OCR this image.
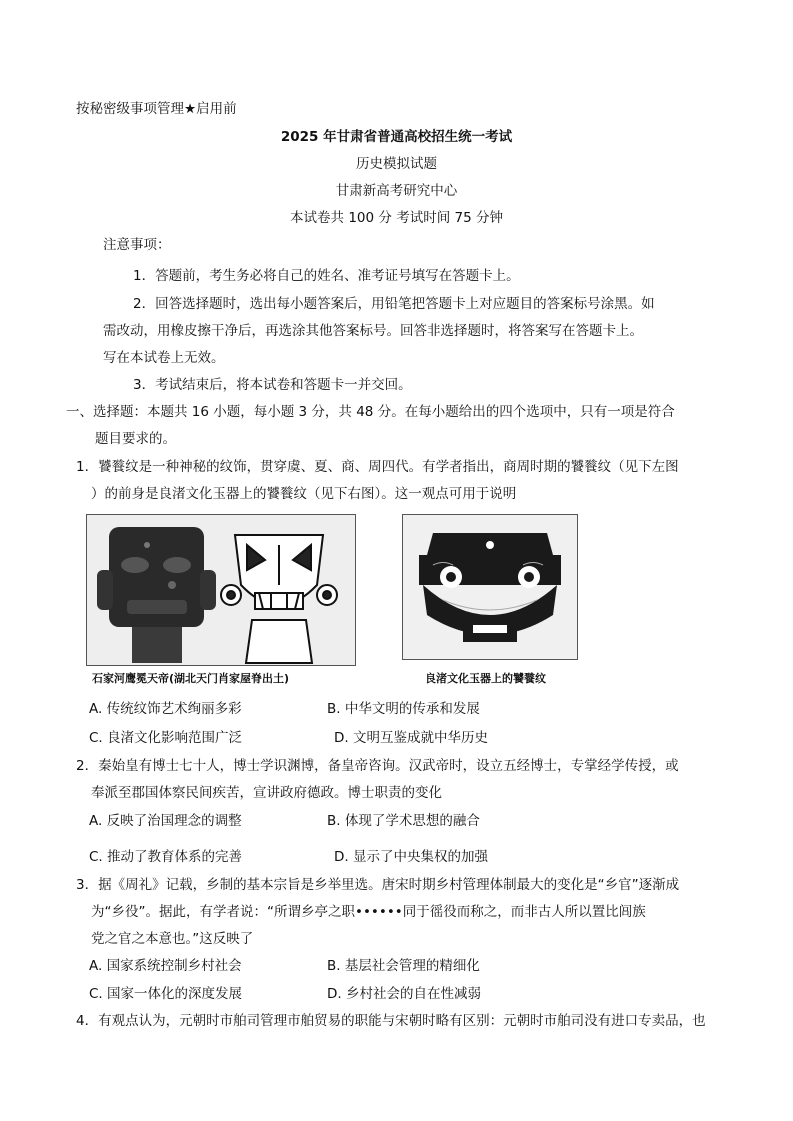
按秘密级事项管理★启用前
2025 年甘肃省普通高校招生统一考试
历史模拟试题
甘肃新高考研究中心
本试卷共 100 分 考试时间 75 分钟
注意事项：
1．答题前，考生务必将自己的姓名、准考证号填写在答题卡上。
2．回答选择题时，选出每小题答案后，用铅笔把答题卡上对应题目的答案标号涂黑。如
需改动，用橡皮擦干净后，再选涂其他答案标号。回答非选择题时，将答案写在答题卡上。
写在本试卷上无效。
3．考试结束后，将本试卷和答题卡一并交回。
一、选择题：本题共 16 小题，每小题 3 分，共 48 分。在每小题给出的四个选项中，只有一项是符合
题目要求的。
1．饕餮纹是一种神秘的纹饰，贯穿虞、夏、商、周四代。有学者指出，商周时期的饕餮纹（见下左图
）的前身是良渚文化玉器上的饕餮纹（见下右图）。这一观点可用于说明
石家河鹰冕天帝(湖北天门肖家屋脊出土)	良渚文化玉器上的饕餮纹
A. 传统纹饰艺术绚丽多彩	B. 中华文明的传承和发展
C. 良渚文化影响范围广泛	D. 文明互鉴成就中华历史
2．秦始皇有博士七十人，博士学识渊博，备皇帝咨询。汉武帝时，设立五经博士，专掌经学传授，或
奉派至郡国体察民间疾苦，宣讲政府德政。博士职责的变化
A. 反映了治国理念的调整	B. 体现了学术思想的融合
C. 推动了教育体系的完善	D. 显示了中央集权的加强
3．据《周礼》记载，乡制的基本宗旨是乡举里选。唐宋时期乡村管理体制最大的变化是“乡官”逐渐成
为“乡役”。据此，有学者说：“所谓乡亭之职••••••同于徭役而称之，而非古人所以置比闾族
党之官之本意也。”这反映了
A. 国家系统控制乡村社会	B. 基层社会管理的精细化
C. 国家一体化的深度发展	D. 乡村社会的自在性减弱
4．有观点认为，元朝时市舶司管理市舶贸易的职能与宋朝时略有区别：元朝时市舶司没有进口专卖品，也
